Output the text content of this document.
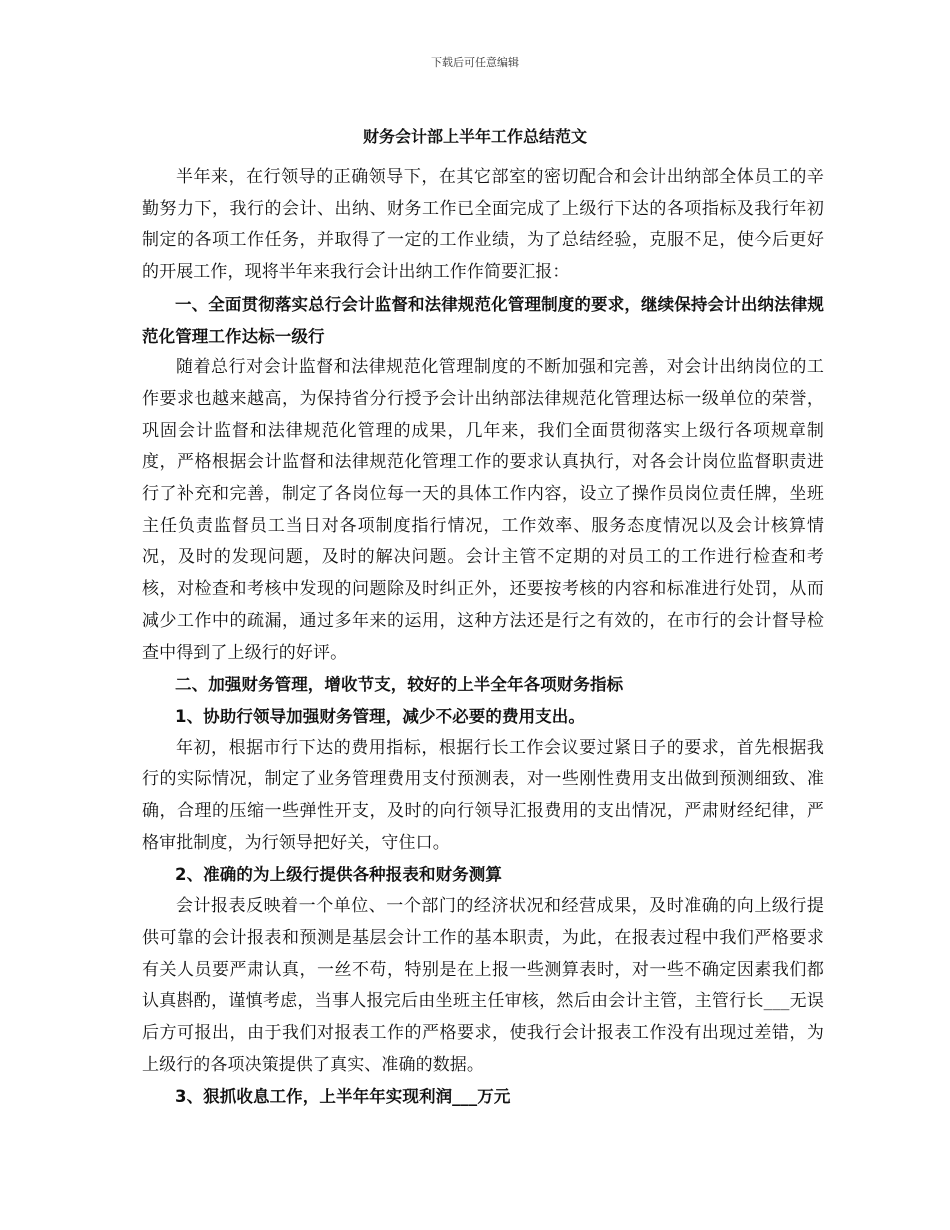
下载后可任意编辑
财务会计部上半年工作总结范文

半年来，在行领导的正确领导下，在其它部室的密切配合和会计出纳部全体员工的辛勤努力下，我行的会计、出纳、财务工作已全面完成了上级行下达的各项指标及我行年初制定的各项工作任务，并取得了一定的工作业绩，为了总结经验，克服不足，使今后更好的开展工作，现将半年来我行会计出纳工作作简要汇报：

一、全面贯彻落实总行会计监督和法律规范化管理制度的要求，继续保持会计出纳法律规范化管理工作达标一级行

随着总行对会计监督和法律规范化管理制度的不断加强和完善，对会计出纳岗位的工作要求也越来越高，为保持省分行授予会计出纳部法律规范化管理达标一级单位的荣誉，巩固会计监督和法律规范化管理的成果，几年来，我们全面贯彻落实上级行各项规章制度，严格根据会计监督和法律规范化管理工作的要求认真执行，对各会计岗位监督职责进行了补充和完善，制定了各岗位每一天的具体工作内容，设立了操作员岗位责任牌，坐班主任负责监督员工当日对各项制度指行情况，工作效率、服务态度情况以及会计核算情况，及时的发现问题，及时的解决问题。会计主管不定期的对员工的工作进行检查和考核，对检查和考核中发现的问题除及时纠正外，还要按考核的内容和标准进行处罚，从而减少工作中的疏漏，通过多年来的运用，这种方法还是行之有效的，在市行的会计督导检查中得到了上级行的好评。

二、加强财务管理，增收节支，较好的上半全年各项财务指标

1、协助行领导加强财务管理，减少不必要的费用支出。

年初，根据市行下达的费用指标，根据行长工作会议要过紧日子的要求，首先根据我行的实际情况，制定了业务管理费用支付预测表，对一些刚性费用支出做到预测细致、准确，合理的压缩一些弹性开支，及时的向行领导汇报费用的支出情况，严肃财经纪律，严格审批制度，为行领导把好关，守住口。

2、准确的为上级行提供各种报表和财务测算

会计报表反映着一个单位、一个部门的经济状况和经营成果，及时准确的向上级行提供可靠的会计报表和预测是基层会计工作的基本职责，为此，在报表过程中我们严格要求有关人员要严肃认真，一丝不苟，特别是在上报一些测算表时，对一些不确定因素我们都认真斟酌，谨慎考虑，当事人报完后由坐班主任审核，然后由会计主管，主管行长___无误后方可报出，由于我们对报表工作的严格要求，使我行会计报表工作没有出现过差错，为上级行的各项决策提供了真实、准确的数据。

3、狠抓收息工作，上半年年实现利润___万元
